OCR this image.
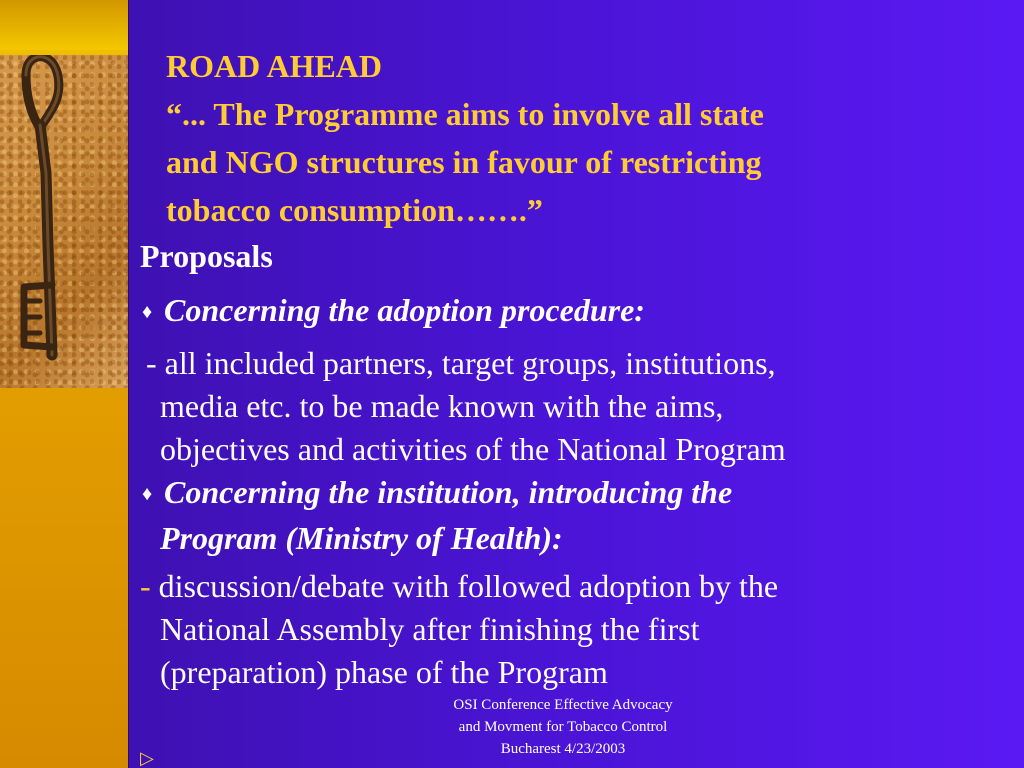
ROAD AHEAD
“... The Programme aims to involve all state
and NGO structures in favour of restricting
tobacco consumption…….”
Proposals
♦ Concerning the adoption procedure:
- all included partners, target groups, institutions,
media etc. to be made known with the aims,
objectives and activities of the National Program
♦ Concerning the institution, introducing the
Program (Ministry of Health):
- discussion/debate with followed adoption by the
National Assembly after finishing the first
(preparation) phase of the Program
OSI Conference Effective Advocacy
and Movment for Tobacco Control
Bucharest 4/23/2003
▷
